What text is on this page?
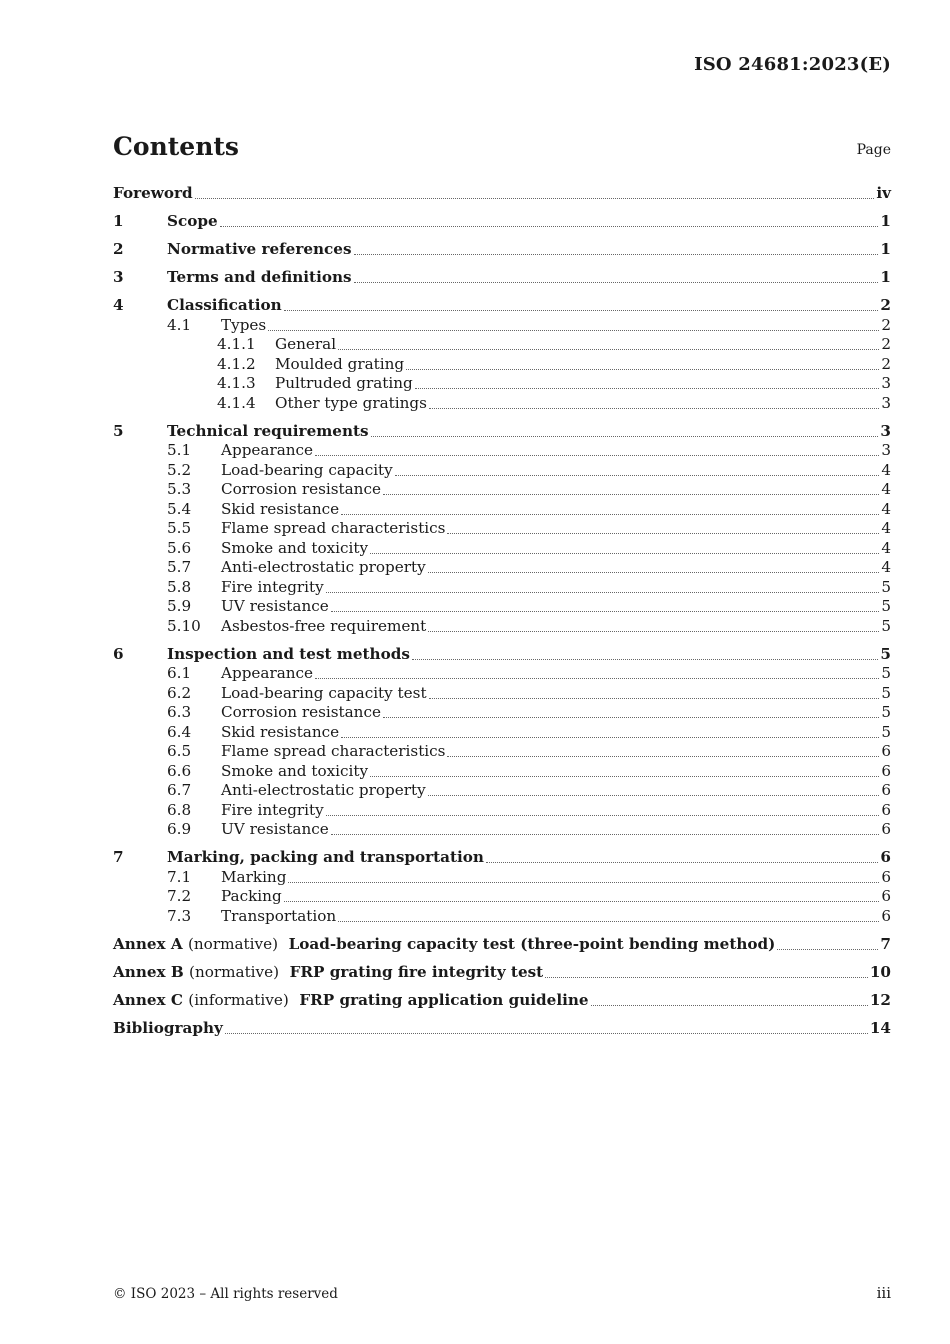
ISO 24681:2023(E)
Contents	Page
Foreword	iv
1	Scope	1
2	Normative references	1
3	Terms and definitions	1
4	Classification	2
4.1	Types	2
4.1.1	General	2
4.1.2	Moulded grating	2
4.1.3	Pultruded grating	3
4.1.4	Other type gratings	3
5	Technical requirements	3
5.1	Appearance	3
5.2	Load-bearing capacity	4
5.3	Corrosion resistance	4
5.4	Skid resistance	4
5.5	Flame spread characteristics	4
5.6	Smoke and toxicity	4
5.7	Anti-electrostatic property	4
5.8	Fire integrity	5
5.9	UV resistance	5
5.10	Asbestos-free requirement	5
6	Inspection and test methods	5
6.1	Appearance	5
6.2	Load-bearing capacity test	5
6.3	Corrosion resistance	5
6.4	Skid resistance	5
6.5	Flame spread characteristics	6
6.6	Smoke and toxicity	6
6.7	Anti-electrostatic property	6
6.8	Fire integrity	6
6.9	UV resistance	6
7	Marking, packing and transportation	6
7.1	Marking	6
7.2	Packing	6
7.3	Transportation	6
Annex A (normative) Load-bearing capacity test (three-point bending method)	7
Annex B (normative) FRP grating fire integrity test	10
Annex C (informative) FRP grating application guideline	12
Bibliography	14
© ISO 2023 – All rights reserved	iii
